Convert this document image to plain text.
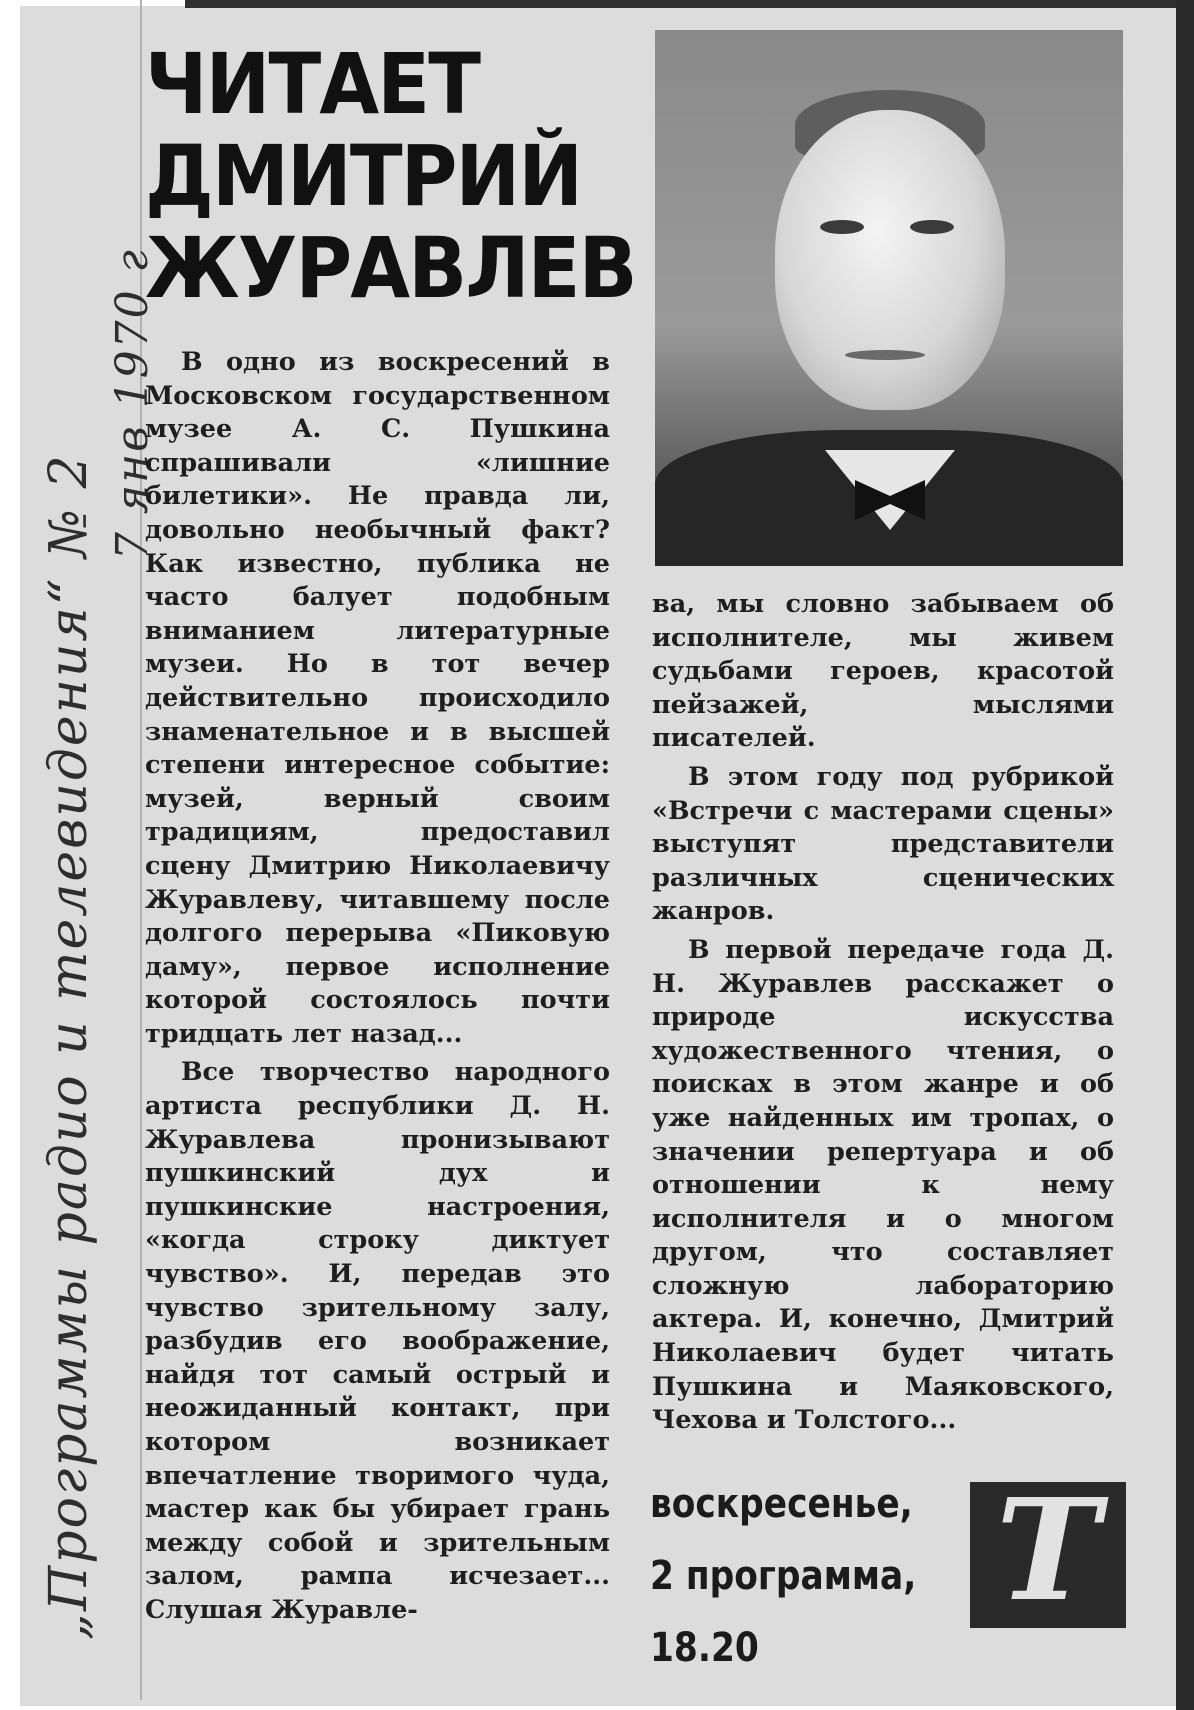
„Программы радио и телевидения“ № 2
7 янв 1970 г
ЧИТАЕТ
ДМИТРИЙ
ЖУРАВЛЕВ

В одно из воскресений в Московском государственном музее А. С. Пушкина спрашивали «лишние билетики». Не правда ли, довольно необычный факт? Как известно, публика не часто балует подобным вниманием литературные музеи. Но в тот вечер действительно происходило знаменательное и в высшей степени интересное событие: музей, верный своим традициям, предоставил сцену Дмитрию Николаевичу Журавлеву, читавшему после долгого перерыва «Пиковую даму», первое исполнение которой состоялось почти тридцать лет назад...

Все творчество народного артиста республики Д. Н. Журавлева пронизывают пушкинский дух и пушкинские настроения, «когда строку диктует чувство». И, передав это чувство зрительному залу, разбудив его воображение, найдя тот самый острый и неожиданный контакт, при котором возникает впечатление творимого чуда, мастер как бы убирает грань между собой и зрительным залом, рампа исчезает... Слушая Журавле-

ва, мы словно забываем об исполнителе, мы живем судьбами героев, красотой пейзажей, мыслями писателей.

В этом году под рубрикой «Встречи с мастерами сцены» выступят представители различных сценических жанров.

В первой передаче года Д. Н. Журавлев расскажет о природе искусства художественного чтения, о поисках в этом жанре и об уже найденных им тропах, о значении репертуара и об отношении к нему исполнителя и о многом другом, что составляет сложную лабораторию актера. И, конечно, Дмитрий Николаевич будет читать Пушкина и Маяковского, Чехова и Толстого...

воскресенье,
2 программа,
18.20
Т
